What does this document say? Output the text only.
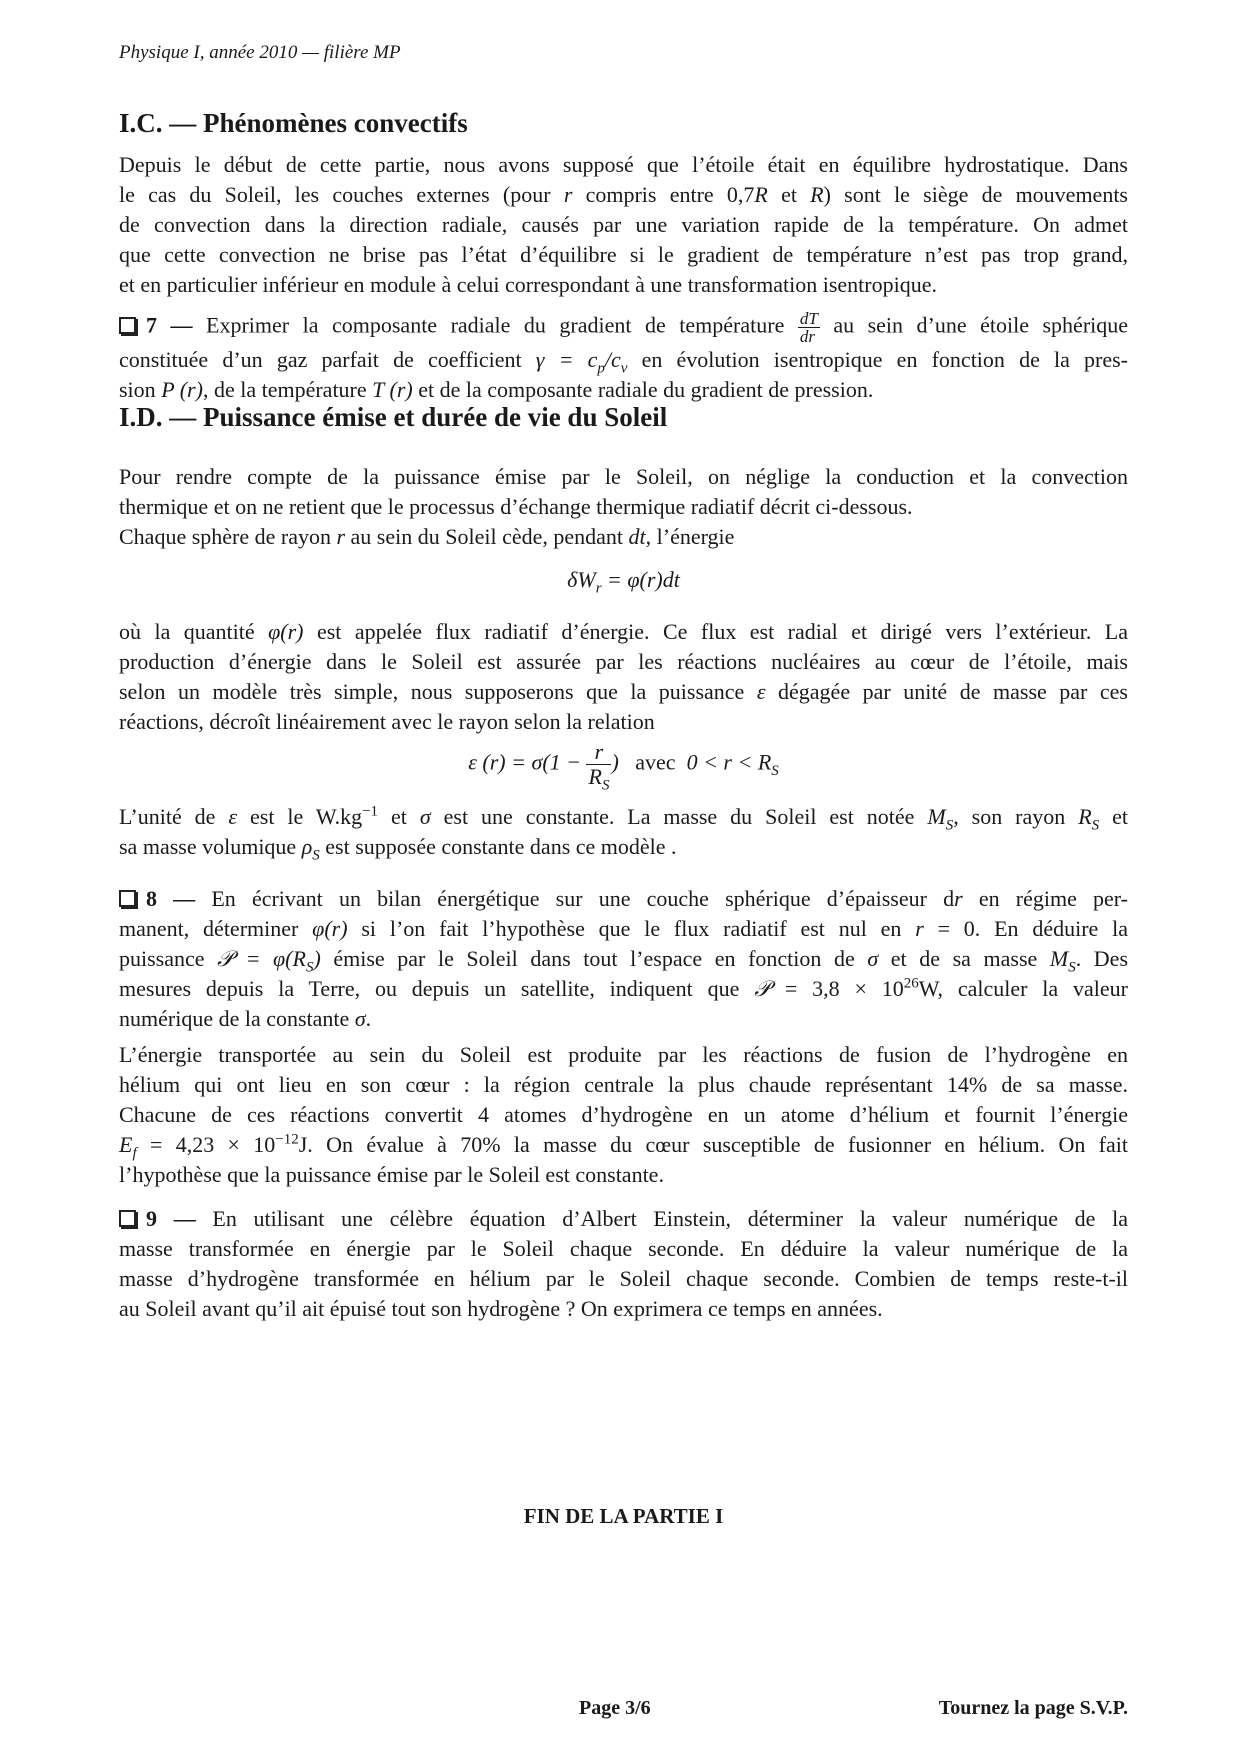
Physique I, année 2010 — filière MP
I.C. — Phénomènes convectifs
Depuis le début de cette partie, nous avons supposé que l’étoile était en équilibre hydrostatique. Dans
le cas du Soleil, les couches externes (pour r compris entre 0,7R et R) sont le siège de mouvements
de convection dans la direction radiale, causés par une variation rapide de la température. On admet
que cette convection ne brise pas l’état d’équilibre si le gradient de température n’est pas trop grand,
et en particulier inférieur en module à celui correspondant à une transformation isentropique.
7 — Exprimer la composante radiale du gradient de température $\frac{dT}{dr}$ au sein d’une étoile sphérique
constituée d’un gaz parfait de coefficient $\gamma = c_p/c_v$ en évolution isentropique en fonction de la pres-
sion P (r), de la température T (r) et de la composante radiale du gradient de pression.
I.D. — Puissance émise et durée de vie du Soleil
Pour rendre compte de la puissance émise par le Soleil, on néglige la conduction et la convection
thermique et on ne retient que le processus d’échange thermique radiatif décrit ci-dessous.
Chaque sphère de rayon r au sein du Soleil cède, pendant dt, l’énergie
$\delta W_r = \varphi(r)dt$
où la quantité φ(r) est appelée flux radiatif d’énergie. Ce flux est radial et dirigé vers l’extérieur. La
production d’énergie dans le Soleil est assurée par les réactions nucléaires au cœur de l’étoile, mais
selon un modèle très simple, nous supposerons que la puissance ε dégagée par unité de masse par ces
réactions, décroît linéairement avec le rayon selon la relation
ε $(r) = \sigma(1 - \frac{r}{R_S}$ ) avec $0 < r < R_S$
L’unité de ε est le $W.kg^{-1}$ et σ est une constante. La masse du Soleil est notée $M_S$, son rayon $R_S$ et
sa masse volumique $\rho_S$ est supposée constante dans ce modèle .
8 — En écrivant un bilan énergétique sur une couche sphérique d’épaisseur dr en régime per-
manent, déterminer φ(r) si l’on fait l’hypothèse que le flux radiatif est nul en r = 0. En déduire la
puissance 𝒫 = $\varphi(R_S)$ émise par le Soleil dans tout l’espace en fonction de σ et de sa masse $M_S$. Des
mesures depuis la Terre, ou depuis un satellite, indiquent que 𝒫 = $3,8 \times 10^{26}W$, calculer la valeur
numérique de la constante σ.
L’énergie transportée au sein du Soleil est produite par les réactions de fusion de l’hydrogène en
hélium qui ont lieu en son cœur : la région centrale la plus chaude représentant 14% de sa masse.
Chacune de ces réactions convertit 4 atomes d’hydrogène en un atome d’hélium et fournit l’énergie
$E_f = 4,23 \times 10^{-12}J$. On évalue à 70% la masse du cœur susceptible de fusionner en hélium. On fait
l’hypothèse que la puissance émise par le Soleil est constante.
9 — En utilisant une célèbre équation d’Albert Einstein, déterminer la valeur numérique de la
masse transformée en énergie par le Soleil chaque seconde. En déduire la valeur numérique de la
masse d’hydrogène transformée en hélium par le Soleil chaque seconde. Combien de temps reste-t-il
au Soleil avant qu’il ait épuisé tout son hydrogène ? On exprimera ce temps en années.
FIN DE LA PARTIE I
Page 3/6	Tournez la page S.V.P.
